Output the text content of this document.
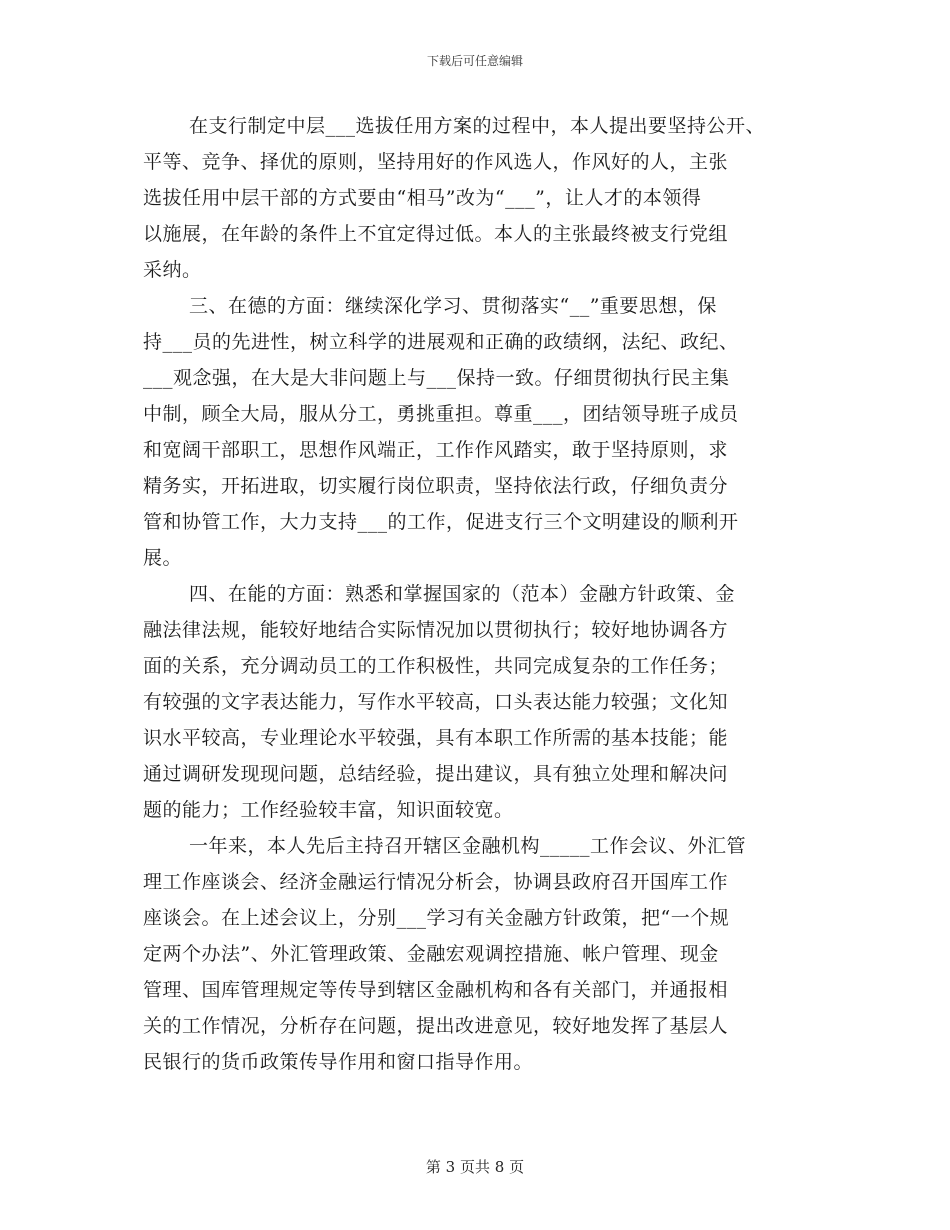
下载后可任意编辑
在支行制定中层___选拔任用方案的过程中，本人提出要坚持公开、
平等、竞争、择优的原则，坚持用好的作风选人，作风好的人，主张
选拔任用中层干部的方式要由“相马”改为“___”，让人才的本领得
以施展，在年龄的条件上不宜定得过低。本人的主张最终被支行党组
采纳。
三、在德的方面：继续深化学习、贯彻落实“__”重要思想，保
持___员的先进性，树立科学的进展观和正确的政绩纲，法纪、政纪、
___观念强，在大是大非问题上与___保持一致。仔细贯彻执行民主集
中制，顾全大局，服从分工，勇挑重担。尊重___，团结领导班子成员
和宽阔干部职工，思想作风端正，工作作风踏实，敢于坚持原则，求
精务实，开拓进取，切实履行岗位职责，坚持依法行政，仔细负责分
管和协管工作，大力支持___的工作，促进支行三个文明建设的顺利开
展。
四、在能的方面：熟悉和掌握国家的（范本）金融方针政策、金
融法律法规，能较好地结合实际情况加以贯彻执行；较好地协调各方
面的关系，充分调动员工的工作积极性，共同完成复杂的工作任务；
有较强的文字表达能力，写作水平较高，口头表达能力较强；文化知
识水平较高，专业理论水平较强，具有本职工作所需的基本技能；能
通过调研发现现问题，总结经验，提出建议，具有独立处理和解决问
题的能力；工作经验较丰富，知识面较宽。
一年来，本人先后主持召开辖区金融机构_____工作会议、外汇管
理工作座谈会、经济金融运行情况分析会，协调县政府召开国库工作
座谈会。在上述会议上，分别___学习有关金融方针政策，把“一个规
定两个办法”、外汇管理政策、金融宏观调控措施、帐户管理、现金
管理、国库管理规定等传导到辖区金融机构和各有关部门，并通报相
关的工作情况，分析存在问题，提出改进意见，较好地发挥了基层人
民银行的货币政策传导作用和窗口指导作用。
第 3 页共 8 页
